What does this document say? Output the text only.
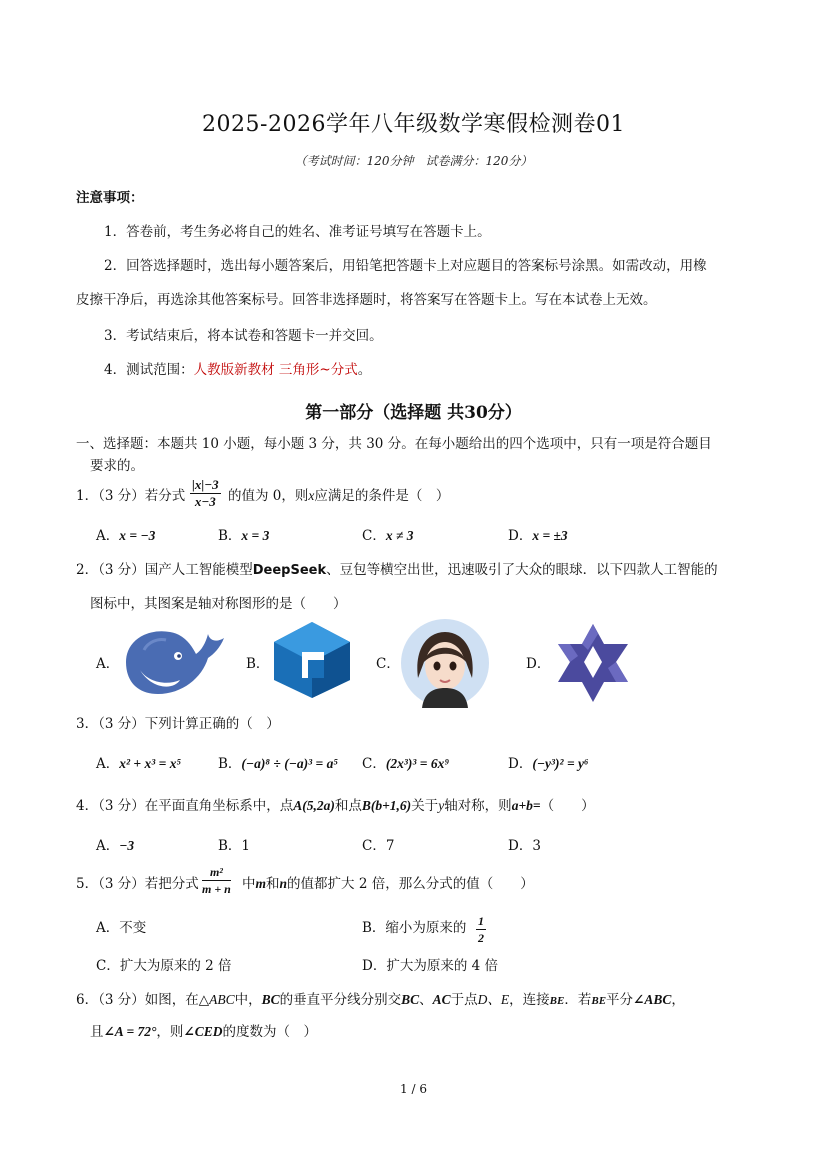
2025-2026学年八年级数学寒假检测卷01
（考试时间：120分钟　试卷满分：120分）
注意事项：
1．答卷前，考生务必将自己的姓名、准考证号填写在答题卡上。
2．回答选择题时，选出每小题答案后，用铅笔把答题卡上对应题目的答案标号涂黑。如需改动，用橡
皮擦干净后，再选涂其他答案标号。回答非选择题时，将答案写在答题卡上。写在本试卷上无效。
3．考试结束后，将本试卷和答题卡一并交回。
4．测试范围：人教版新教材 三角形~分式。
第一部分（选择题 共30分）
一、选择题：本题共 10 小题，每小题 3 分，共 30 分。在每小题给出的四个选项中，只有一项是符合题目
要求的。
1．（3 分）若分式 $\frac{|x|-3}{x-3}$ 的值为 0，则x应满足的条件是（　）
A．x = −3	B．x = 3	C．x ≠ 3	D．x = ±3
2．（3 分）国产人工智能模型DeepSeek、豆包等横空出世，迅速吸引了大众的眼球．以下四款人工智能的
图标中，其图案是轴对称图形的是（　　）
A．	B．	C．	D．
3．（3 分）下列计算正确的（　）
A．x² + x³ = x⁵	B．(−a)⁸ ÷ (−a)³ = a⁵ C．(2x³)³ = 6x⁹	D．(−y³)² = y⁶
4．（3 分）在平面直角坐标系中，点A(5,2a)和点B(b+1,6)关于y轴对称，则a+b=（　　）
A．−3	B．1	C．7	D．3
5．（3 分）若把分式 $\frac{\text{m²}}{m + n}$ 中m和n的值都扩大 2 倍，那么分式的值（　　）
A．不变	B．缩小为原来的 $\frac{1}{2}$
C．扩大为原来的 2 倍	D．扩大为原来的 4 倍
6．（3 分）如图，在△ABC中，BC的垂直平分线分别交BC、AC于点D、E，连接BE．若BE平分∠ABC，
且∠A = 72°，则∠CED的度数为（　）
1 / 6
